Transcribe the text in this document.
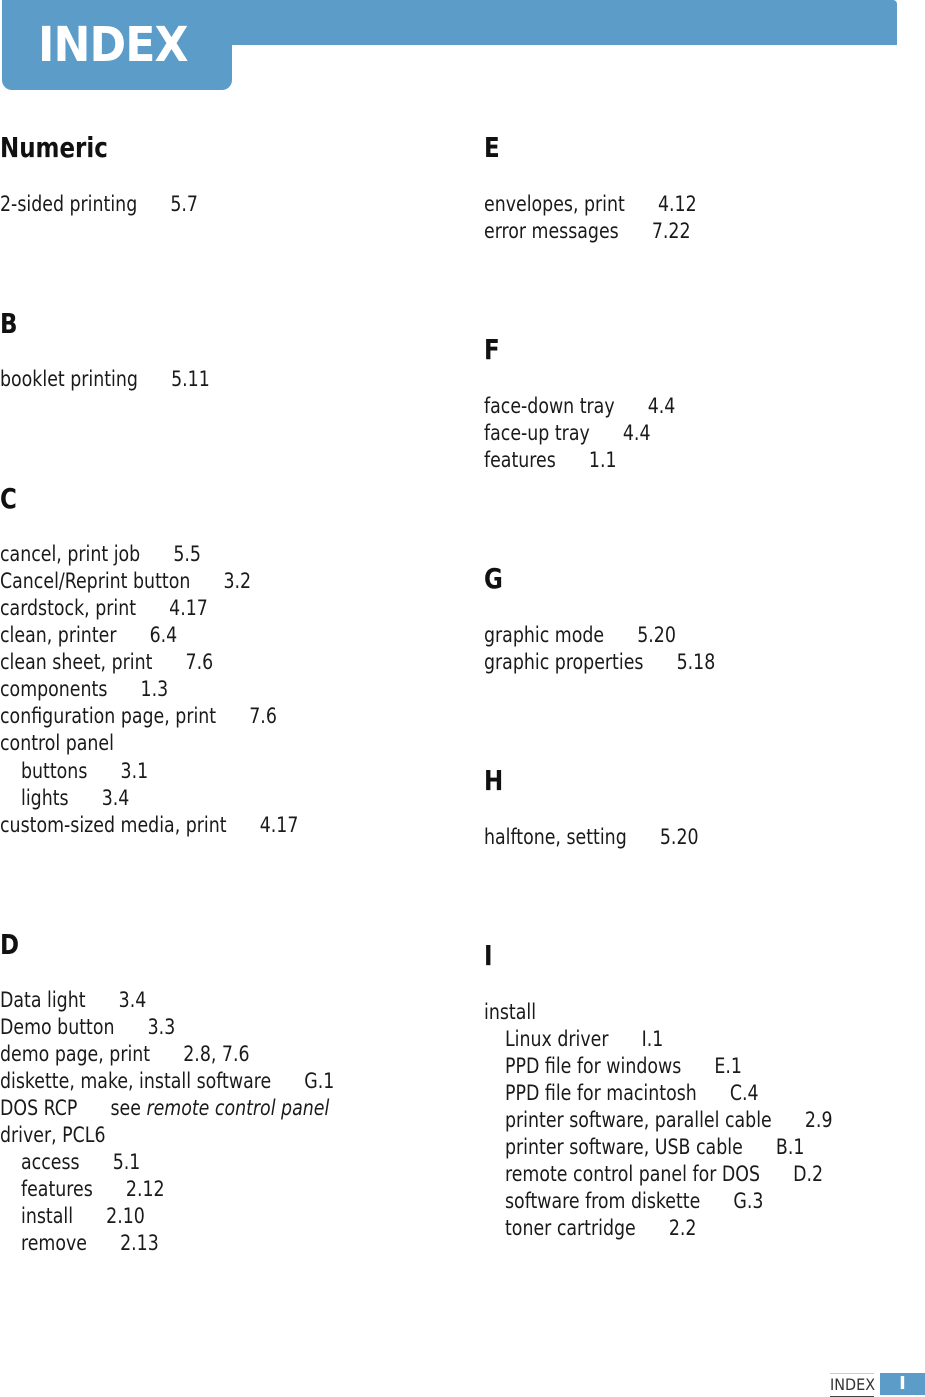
INDEX
Numeric
2-sided printing 5.7
B
booklet printing 5.11
C
cancel, print job 5.5
Cancel/Reprint button 3.2
cardstock, print 4.17
clean, printer 6.4
clean sheet, print 7.6
components 1.3
configuration page, print 7.6
control panel
buttons 3.1
lights 3.4
custom-sized media, print 4.17
D
Data light 3.4
Demo button 3.3
demo page, print 2.8, 7.6
diskette, make, install software G.1
DOS RCP see remote control panel
driver, PCL6
access 5.1
features 2.12
install 2.10
remove 2.13
E
envelopes, print 4.12
error messages 7.22
F
face-down tray 4.4
face-up tray 4.4
features 1.1
G
graphic mode 5.20
graphic properties 5.18
H
halftone, setting 5.20
I
install
Linux driver I.1
PPD file for windows E.1
PPD file for macintosh C.4
printer software, parallel cable 2.9
printer software, USB cable B.1
remote control panel for DOS D.2
software from diskette G.3
toner cartridge 2.2
INDEX	I
